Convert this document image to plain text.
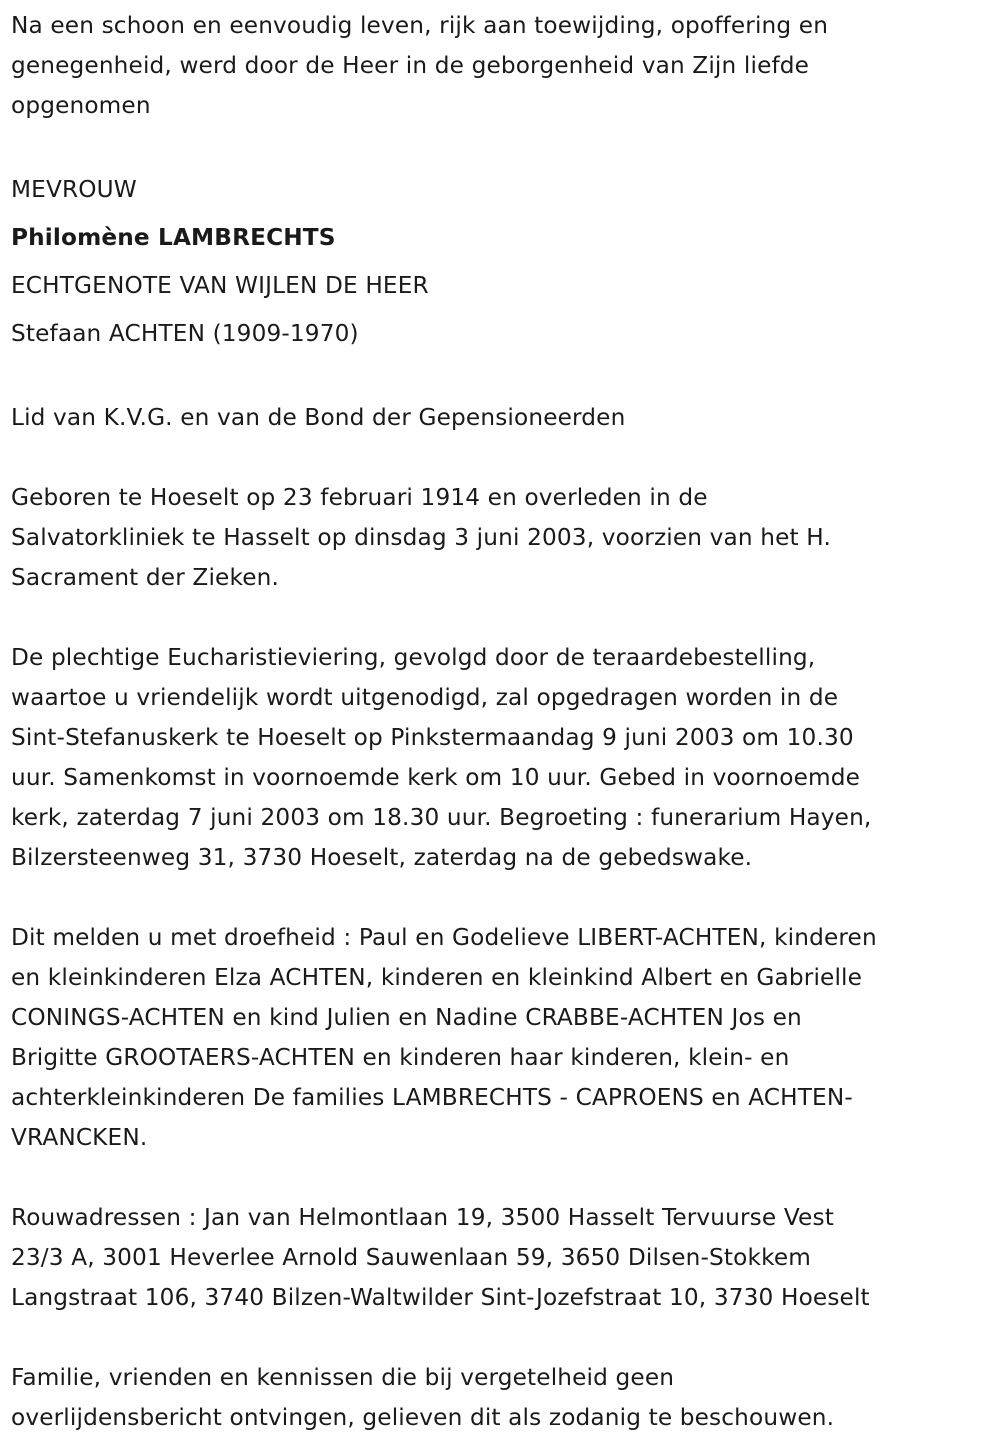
Na een schoon en eenvoudig leven, rijk aan toewijding, opoffering en
genegenheid, werd door de Heer in de geborgenheid van Zijn liefde
opgenomen

MEVROUW

Philomène LAMBRECHTS

ECHTGENOTE VAN WIJLEN DE HEER

Stefaan ACHTEN (1909-1970)

Lid van K.V.G. en van de Bond der Gepensioneerden

Geboren te Hoeselt op 23 februari 1914 en overleden in de
Salvatorkliniek te Hasselt op dinsdag 3 juni 2003, voorzien van het H.
Sacrament der Zieken.

De plechtige Eucharistieviering, gevolgd door de teraardebestelling,
waartoe u vriendelijk wordt uitgenodigd, zal opgedragen worden in de
Sint-Stefanuskerk te Hoeselt op Pinkstermaandag 9 juni 2003 om 10.30
uur. Samenkomst in voornoemde kerk om 10 uur. Gebed in voornoemde
kerk, zaterdag 7 juni 2003 om 18.30 uur. Begroeting : funerarium Hayen,
Bilzersteenweg 31, 3730 Hoeselt, zaterdag na de gebedswake.

Dit melden u met droefheid : Paul en Godelieve LIBERT-ACHTEN, kinderen
en kleinkinderen Elza ACHTEN, kinderen en kleinkind Albert en Gabrielle
CONINGS-ACHTEN en kind Julien en Nadine CRABBE-ACHTEN Jos en
Brigitte GROOTAERS-ACHTEN en kinderen haar kinderen, klein- en
achterkleinkinderen De families LAMBRECHTS - CAPROENS en ACHTEN-
VRANCKEN.

Rouwadressen : Jan van Helmontlaan 19, 3500 Hasselt Tervuurse Vest
23/3 A, 3001 Heverlee Arnold Sauwenlaan 59, 3650 Dilsen-Stokkem
Langstraat 106, 3740 Bilzen-Waltwilder Sint-Jozefstraat 10, 3730 Hoeselt

Familie, vrienden en kennissen die bij vergetelheid geen
overlijdensbericht ontvingen, gelieven dit als zodanig te beschouwen.
